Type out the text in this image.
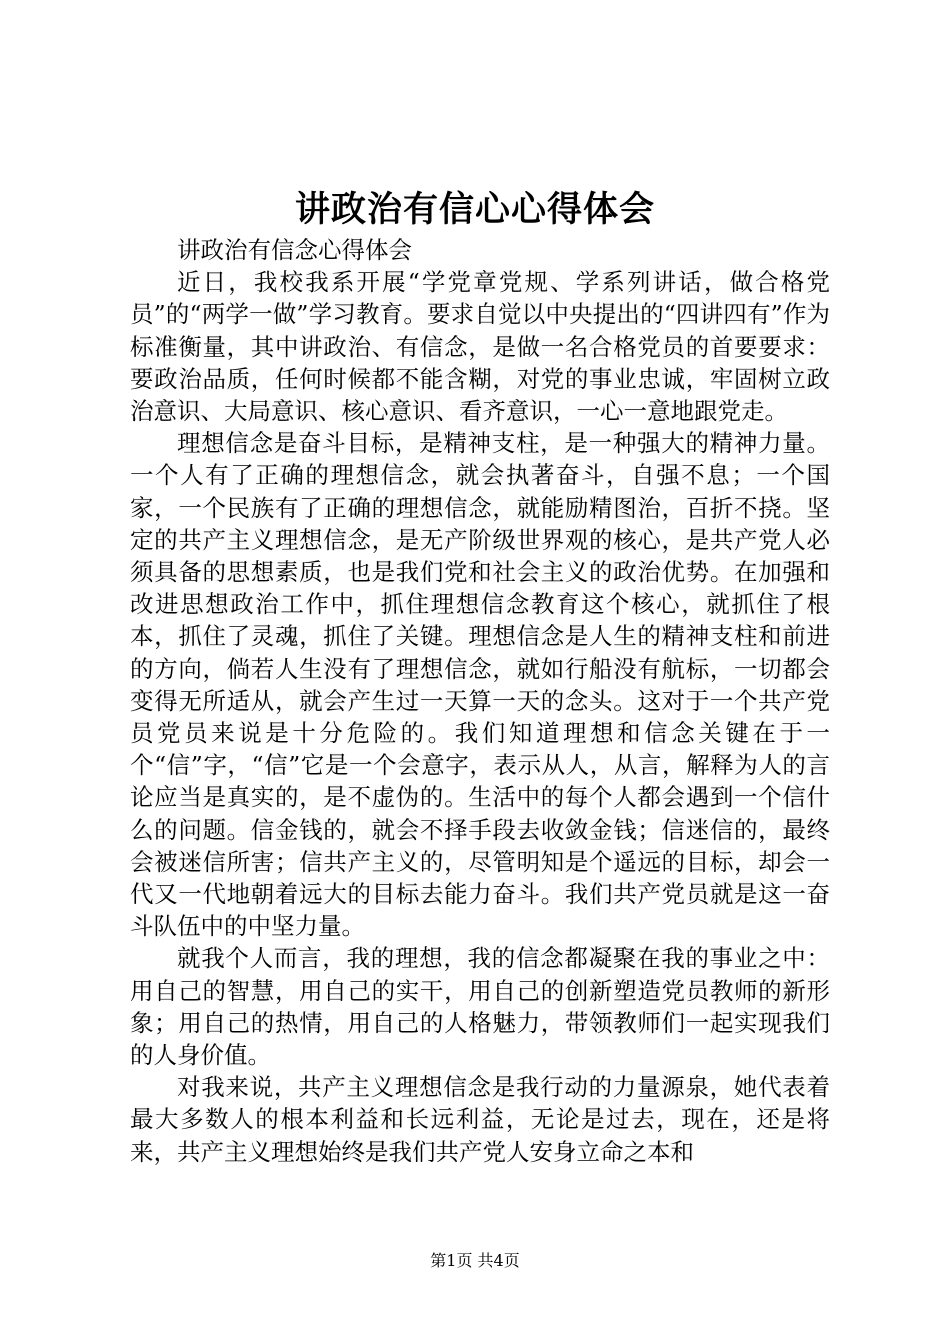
讲政治有信心心得体会

讲政治有信念心得体会

近日，我校我系开展“学党章党规、学系列讲话，做合格党员”的“两学一做”学习教育。要求自觉以中央提出的“四讲四有”作为标准衡量，其中讲政治、有信念，是做一名合格党员的首要要求：要政治品质，任何时候都不能含糊，对党的事业忠诚，牢固树立政治意识、大局意识、核心意识、看齐意识，一心一意地跟党走。

理想信念是奋斗目标，是精神支柱，是一种强大的精神力量。一个人有了正确的理想信念，就会执著奋斗，自强不息；一个国家，一个民族有了正确的理想信念，就能励精图治，百折不挠。坚定的共产主义理想信念，是无产阶级世界观的核心，是共产党人必须具备的思想素质，也是我们党和社会主义的政治优势。在加强和改进思想政治工作中，抓住理想信念教育这个核心，就抓住了根本，抓住了灵魂，抓住了关键。理想信念是人生的精神支柱和前进的方向，倘若人生没有了理想信念，就如行船没有航标，一切都会变得无所适从，就会产生过一天算一天的念头。这对于一个共产党员党员来说是十分危险的。我们知道理想和信念关键在于一个“信”字，“信”它是一个会意字，表示从人，从言，解释为人的言论应当是真实的，是不虚伪的。生活中的每个人都会遇到一个信什么的问题。信金钱的，就会不择手段去收敛金钱；信迷信的，最终会被迷信所害；信共产主义的，尽管明知是个遥远的目标，却会一代又一代地朝着远大的目标去能力奋斗。我们共产党员就是这一奋斗队伍中的中坚力量。

就我个人而言，我的理想，我的信念都凝聚在我的事业之中：用自己的智慧，用自己的实干，用自己的创新塑造党员教师的新形象；用自己的热情，用自己的人格魅力，带领教师们一起实现我们的人身价值。

对我来说，共产主义理想信念是我行动的力量源泉，她代表着最大多数人的根本利益和长远利益，无论是过去，现在，还是将来，共产主义理想始终是我们共产党人安身立命之本和

第1页 共4页
